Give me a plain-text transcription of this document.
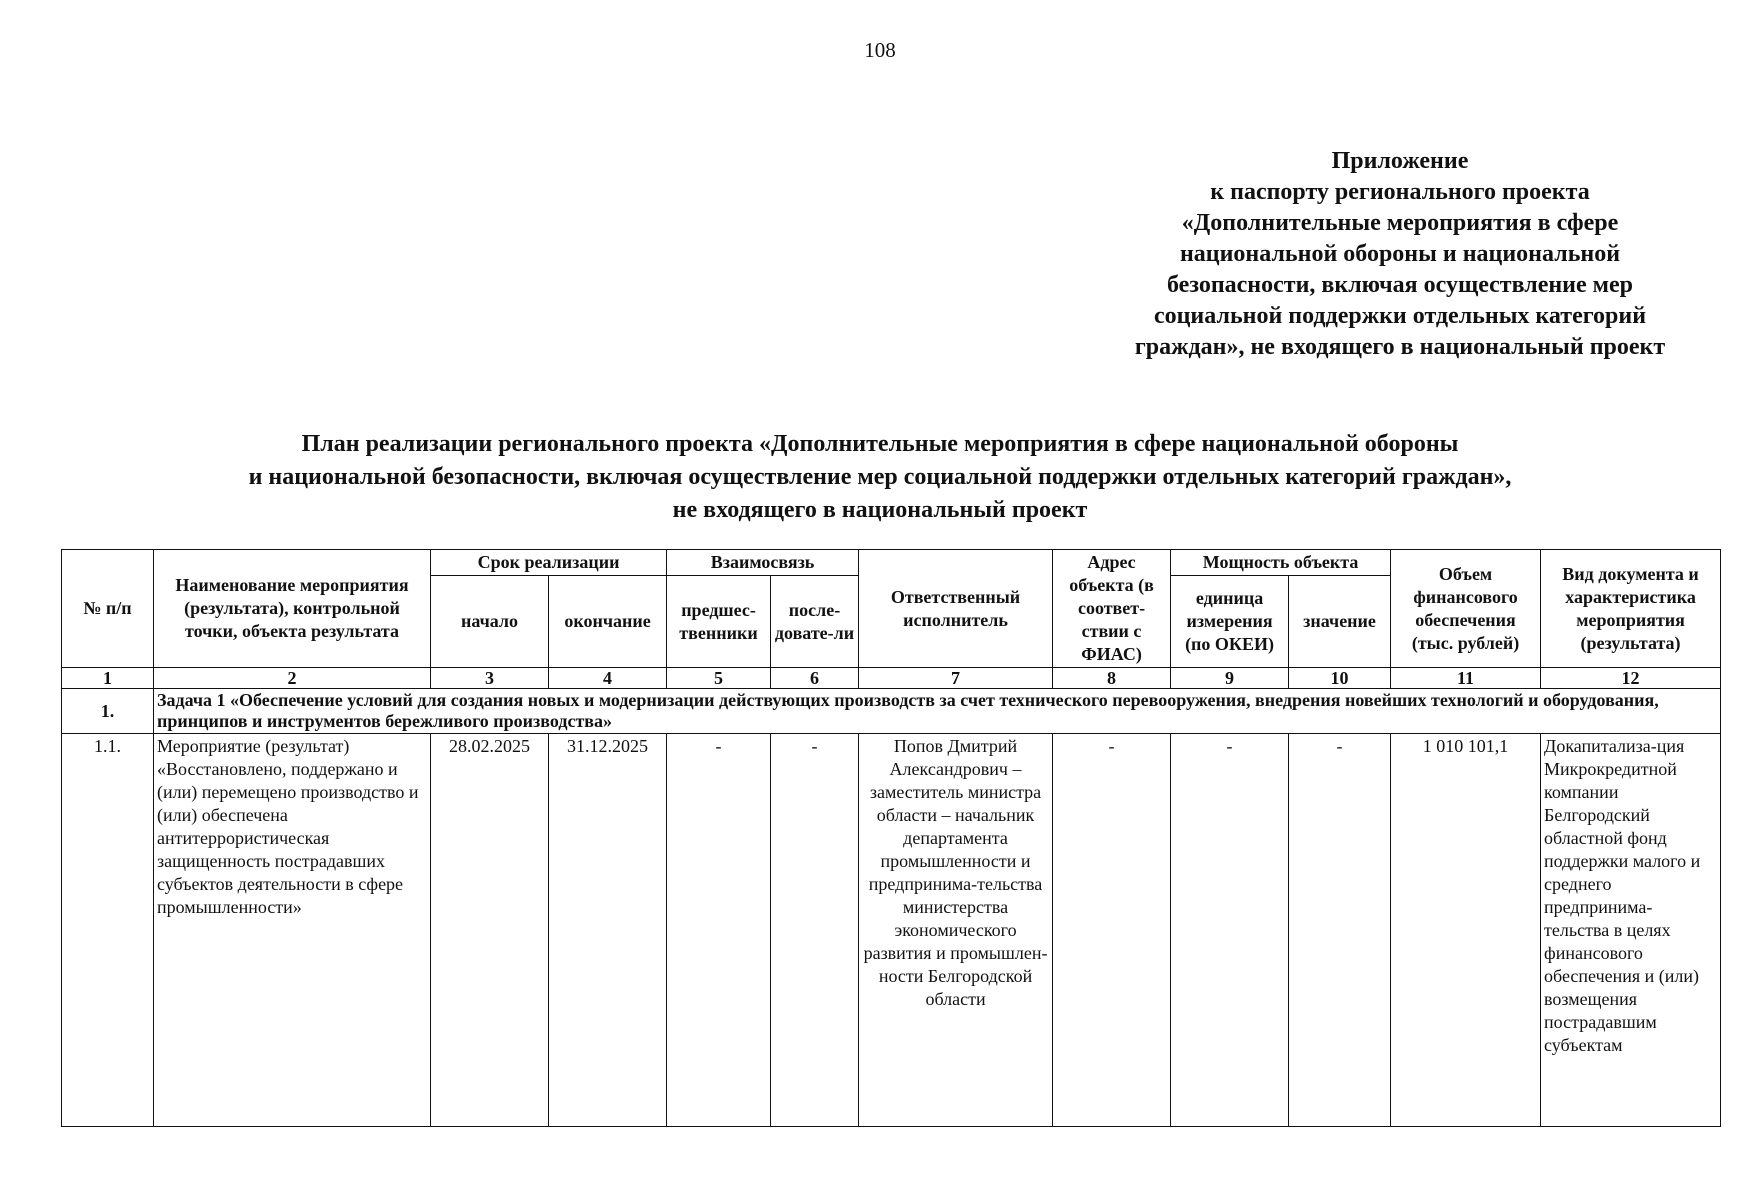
108
Приложение
к паспорту регионального проекта
«Дополнительные мероприятия в сфере
национальной обороны и национальной
безопасности, включая осуществление мер
социальной поддержки отдельных категорий
граждан», не входящего в национальный проект
План реализации регионального проекта «Дополнительные мероприятия в сфере национальной обороны
и национальной безопасности, включая осуществление мер социальной поддержки отдельных категорий граждан»,
не входящего в национальный проект
№ п/п	Наименование мероприятия (результата), контрольной точки, объекта результата	Срок реализации		Взаимосвязь		Ответственный исполнитель	Адрес объекта (в соответ-ствии с ФИАС)	Мощность объекта		Объем финансового обеспечения (тыс. рублей)	Вид документа и характеристика мероприятия (результата)
		начало	окончание	предшес-твенники	после-довате-ли			единица измерения (по ОКЕИ)	значение		
1	2	3	4	5	6	7	8	9	10	11	12
1.	Задача 1 «Обеспечение условий для создания новых и модернизации действующих производств за счет технического перевооружения, внедрения новейших технологий и оборудования, принципов и инструментов бережливого производства»										
1.1.	Мероприятие (результат) «Восстановлено, поддержано и (или) перемещено производство и (или) обеспечена антитеррористическая защищенность пострадавших субъектов деятельности в сфере промышленности»	28.02.2025	31.12.2025	-	-	Попов Дмитрий Александрович – заместитель министра области – начальник департамента промышленности и предпринима-тельства министерства экономического развития и промышлен-ности Белгородской области	-	-	-	1 010 101,1	Докапитализа-ция Микрокредитной компании Белгородский областной фонд поддержки малого и среднего предпринима-тельства в целях финансового обеспечения и (или) возмещения пострадавшим субъектам
